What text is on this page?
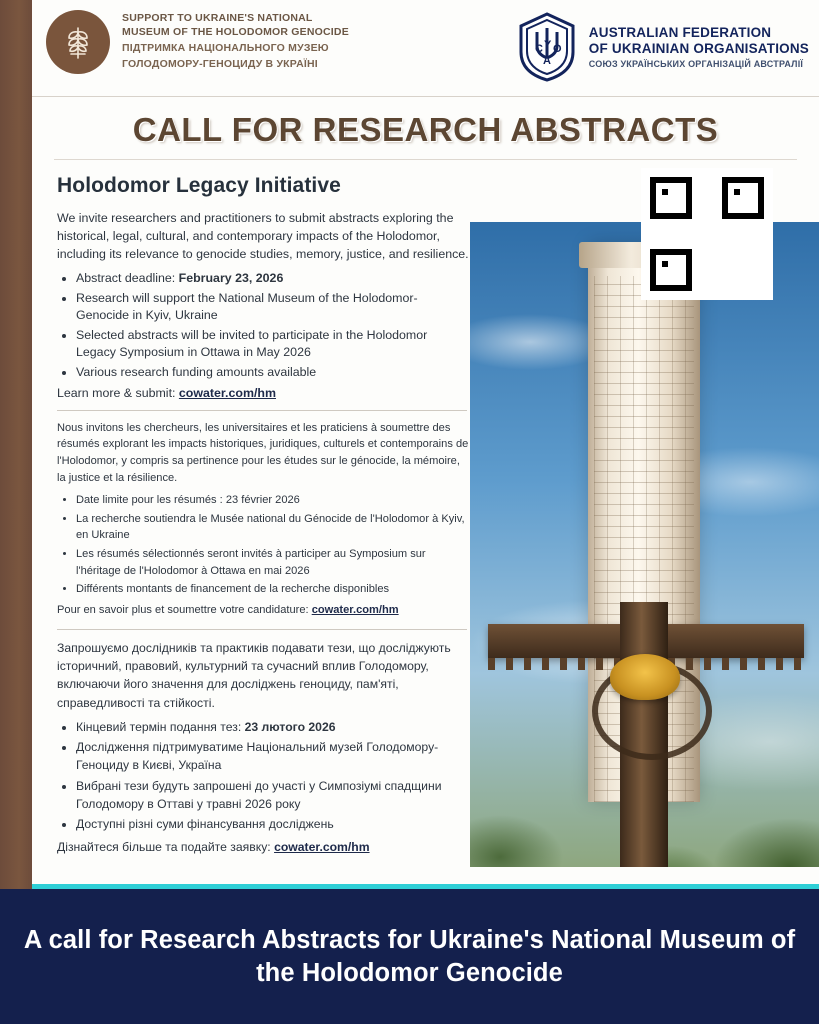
SUPPORT TO UKRAINE'S NATIONAL
MUSEUM OF THE HOLODOMOR GENOCIDE
ПІДТРИМКА НАЦІОНАЛЬНОГО МУЗЕЮ
ГОЛОДОМОРУ-ГЕНОЦИДУ В УКРАЇНІ
C Y O
A
AUSTRALIAN FEDERATION
OF UKRAINIAN ORGANISATIONS
СОЮЗ УКРАЇНСЬКИХ ОРГАНІЗАЦІЙ АВСТРАЛІЇ
CALL FOR RESEARCH ABSTRACTS
Holodomor Legacy Initiative

We invite researchers and practitioners to submit abstracts exploring the historical, legal, cultural, and contemporary impacts of the Holodomor, including its relevance to genocide studies, memory, justice, and resilience.

• Abstract deadline: February 23, 2026
• Research will support the National Museum of the Holodomor-Genocide in Kyiv, Ukraine
• Selected abstracts will be invited to participate in the Holodomor Legacy Symposium in Ottawa in May 2026
• Various research funding amounts available
Learn more & submit: cowater.com/hm

Nous invitons les chercheurs, les universitaires et les praticiens à soumettre des résumés explorant les impacts historiques, juridiques, culturels et contemporains de l'Holodomor, y compris sa pertinence pour les études sur le génocide, la mémoire, la justice et la résilience.

• Date limite pour les résumés : 23 février 2026
• La recherche soutiendra le Musée national du Génocide de l'Holodomor à Kyiv, en Ukraine
• Les résumés sélectionnés seront invités à participer au Symposium sur l'héritage de l'Holodomor à Ottawa en mai 2026
• Différents montants de financement de la recherche disponibles
Pour en savoir plus et soumettre votre candidature: cowater.com/hm

Запрошуємо дослідників та практиків подавати тези, що досліджують історичний, правовий, культурний та сучасний вплив Голодомору, включаючи його значення для досліджень геноциду, пам'яті, справедливості та стійкості.

• Кінцевий термін подання тез: 23 лютого 2026
• Дослідження підтримуватиме Національний музей Голодомору-Геноциду в Києві, Україна
• Вибрані тези будуть запрошені до участі у Симпозіумі спадщини Голодомору в Оттаві у травні 2026 року
• Доступні різні суми фінансування досліджень
Дізнайтеся більше та подайте заявку: cowater.com/hm
A call for Research Abstracts for Ukraine's National Museum of the Holodomor Genocide
